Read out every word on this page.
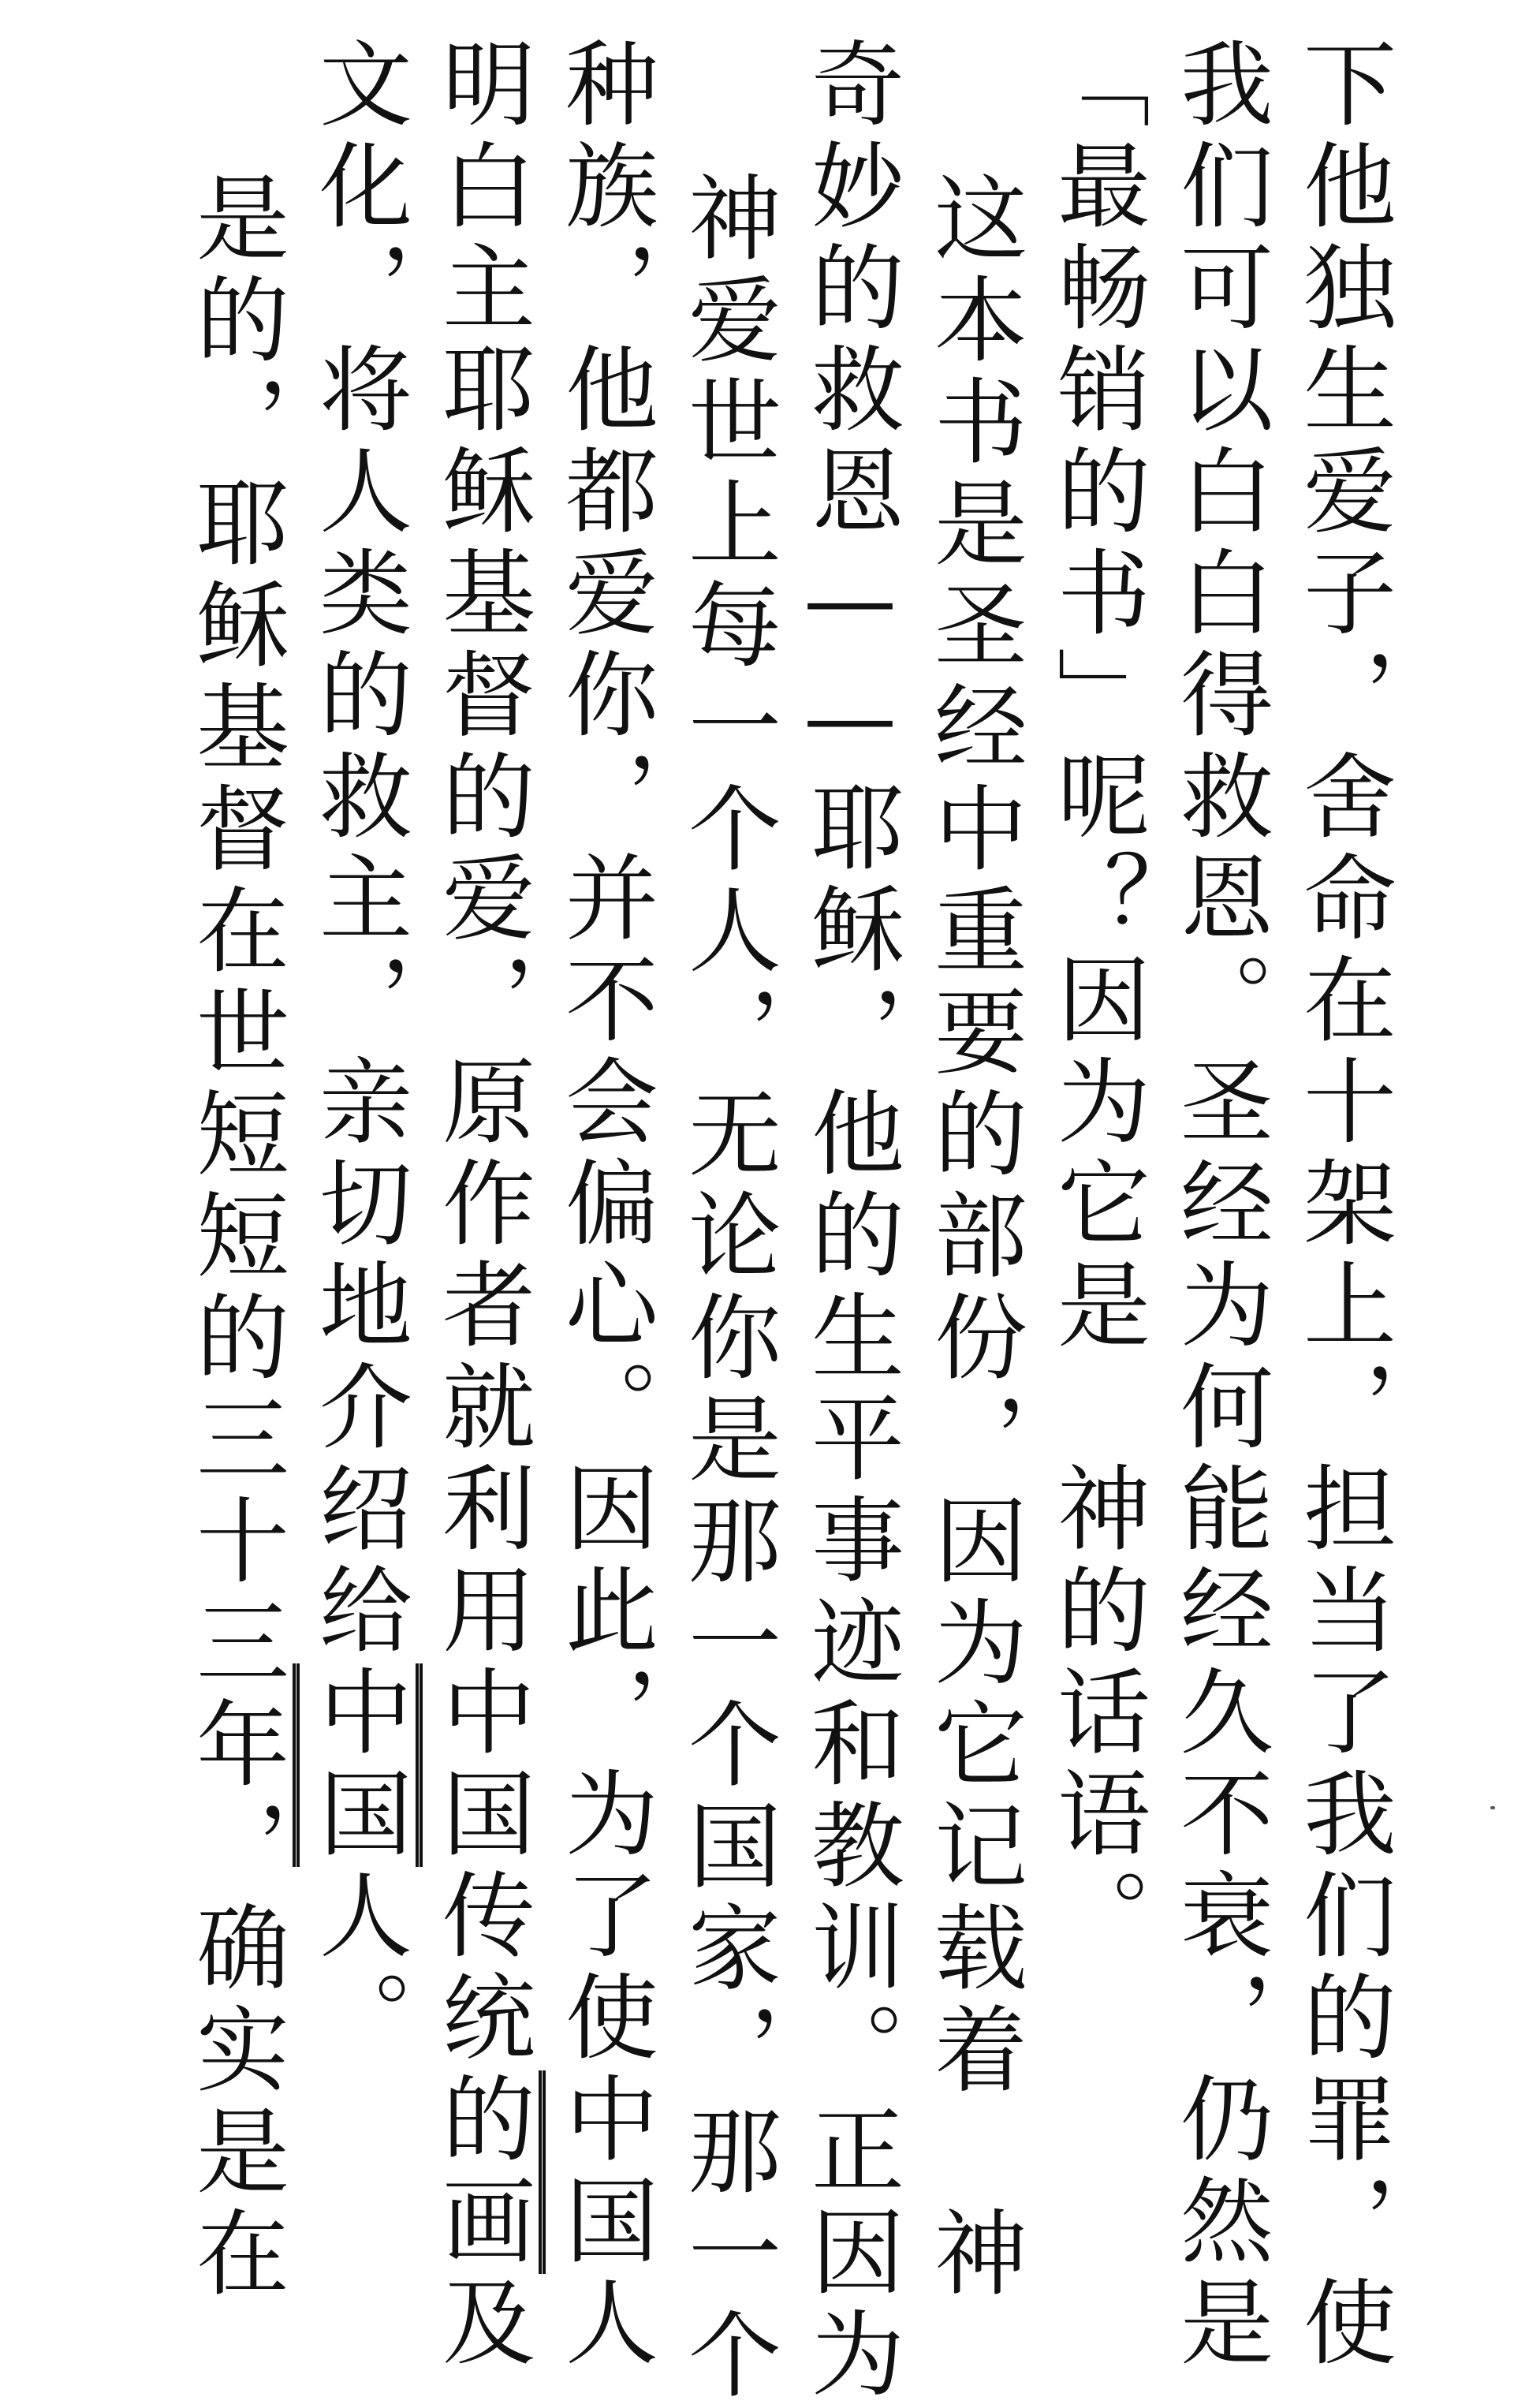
下他独生爱子，舍命在十架上，担当了我们的罪，使
我们可以白白得救恩。圣经为何能经久不衰，仍然是
「最畅销的书」呢？因为它是　神的话语。
这本书是圣经中重要的部份，因为它记载着　神
奇妙的救恩——耶稣，他的生平事迹和教训。正因为
神爱世上每一个人，无论你是那一个国家，那一个
种族，他都爱你，并不会偏心。因此，为了使中国人
明白主耶稣基督的爱，原作者就利用中国传统的画及
文化，将人类的救主，亲切地介绍给中国人。
是的，耶稣基督在世短短的三十三年，确实是在
